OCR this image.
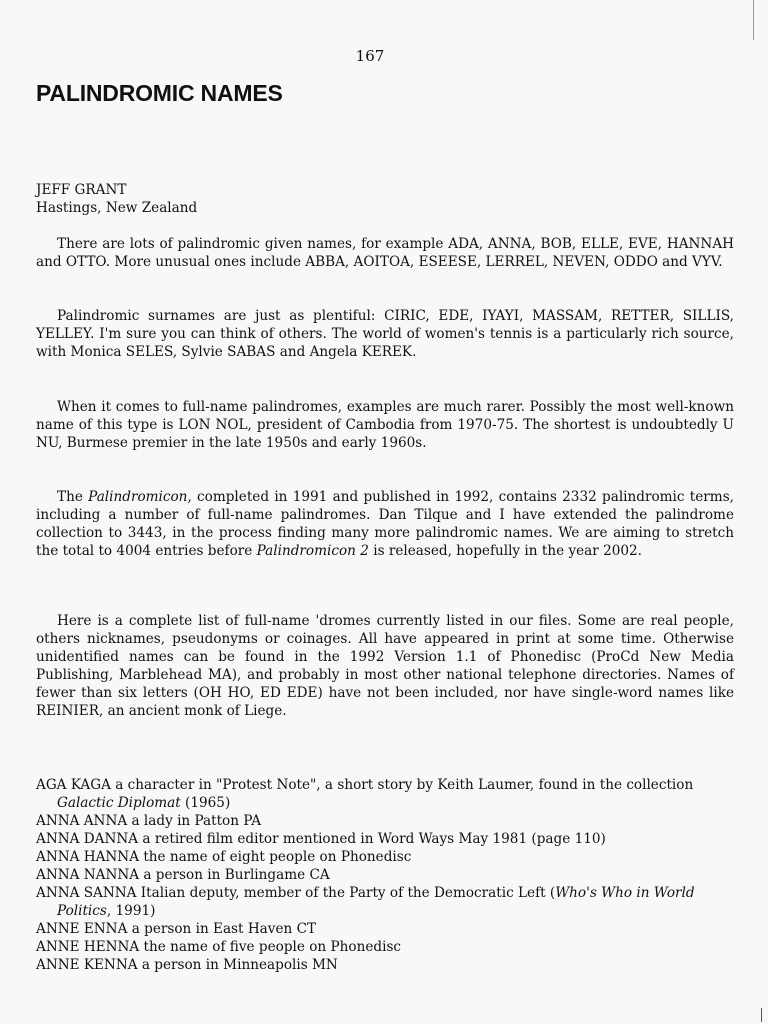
167
PALINDROMIC NAMES

JEFF GRANT

Hastings, New Zealand

There are lots of palindromic given names, for example ADA, ANNA, BOB, ELLE, EVE, HANNAH and OTTO. More unusual ones include ABBA, AOITOA, ESEESE, LERREL, NEVEN, ODDO and VYV.

Palindromic surnames are just as plentiful: CIRIC, EDE, IYAYI, MASSAM, RETTER, SILLIS, YELLEY. I'm sure you can think of others. The world of women's tennis is a particularly rich source, with Monica SELES, Sylvie SABAS and Angela KEREK.

When it comes to full-name palindromes, examples are much rarer. Possibly the most well-known name of this type is LON NOL, president of Cambodia from 1970-75. The shortest is undoubtedly U NU, Burmese premier in the late 1950s and early 1960s.

The Palindromicon, completed in 1991 and published in 1992, contains 2332 palindromic terms, including a number of full-name palindromes. Dan Tilque and I have extended the palindrome collection to 3443, in the process finding many more palindromic names. We are aiming to stretch the total to 4004 entries before Palindromicon 2 is released, hopefully in the year 2002.

Here is a complete list of full-name 'dromes currently listed in our files. Some are real people, others nicknames, pseudonyms or coinages. All have appeared in print at some time. Otherwise unidentified names can be found in the 1992 Version 1.1 of Phonedisc (ProCd New Media Publishing, Marblehead MA), and probably in most other national telephone directories. Names of fewer than six letters (OH HO, ED EDE) have not been included, nor have single-word names like REINIER, an ancient monk of Liege.

AGA KAGA a character in "Protest Note", a short story by Keith Laumer, found in the collection Galactic Diplomat (1965)

ANNA ANNA a lady in Patton PA

ANNA DANNA a retired film editor mentioned in Word Ways May 1981 (page 110)

ANNA HANNA the name of eight people on Phonedisc

ANNA NANNA a person in Burlingame CA

ANNA SANNA Italian deputy, member of the Party of the Democratic Left (Who's Who in World Politics, 1991)

ANNE ENNA a person in East Haven CT

ANNE HENNA the name of five people on Phonedisc

ANNE KENNA a person in Minneapolis MN
